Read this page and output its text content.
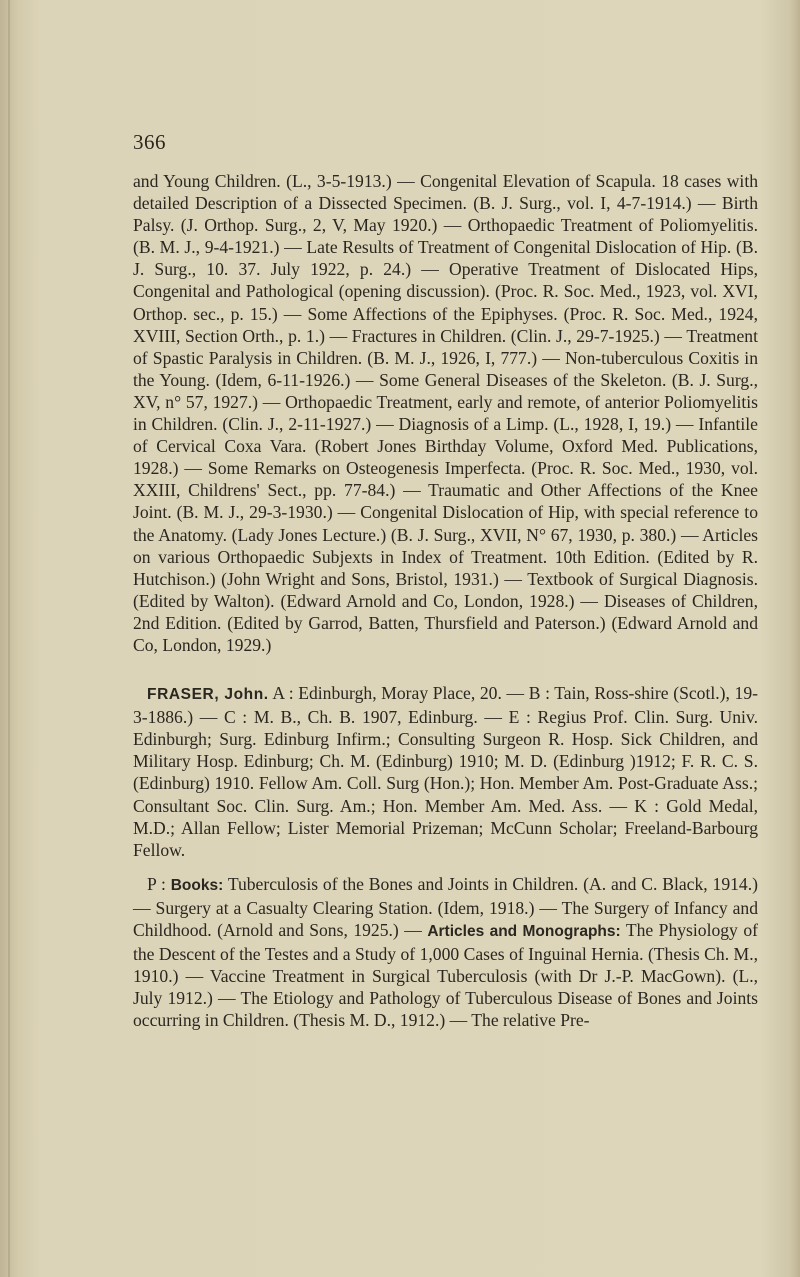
366

and Young Children. (L., 3-5-1913.) — Congenital Elevation of Scapula. 18 cases with detailed Description of a Dissected Specimen. (B. J. Surg., vol. I, 4-7-1914.) — Birth Palsy. (J. Orthop. Surg., 2, V, May 1920.) — Orthopaedic Treatment of Poliomyelitis. (B. M. J., 9-4-1921.) — Late Results of Treatment of Congenital Dislocation of Hip. (B. J. Surg., 10. 37. July 1922, p. 24.) — Operative Treatment of Dislocated Hips, Congenital and Pathological (opening discussion). (Proc. R. Soc. Med., 1923, vol. XVI, Orthop. sec., p. 15.) — Some Affections of the Epiphyses. (Proc. R. Soc. Med., 1924, XVIII, Section Orth., p. 1.) — Fractures in Children. (Clin. J., 29-7-1925.) — Treatment of Spastic Paralysis in Children. (B. M. J., 1926, I, 777.) — Non-tuberculous Coxitis in the Young. (Idem, 6-11-1926.) — Some General Diseases of the Skeleton. (B. J. Surg., XV, n° 57, 1927.) — Orthopaedic Treatment, early and remote, of anterior Poliomyelitis in Children. (Clin. J., 2-11-1927.) — Diagnosis of a Limp. (L., 1928, I, 19.) — Infantile of Cervical Coxa Vara. (Robert Jones Birthday Volume, Oxford Med. Publications, 1928.) — Some Remarks on Osteogenesis Imperfecta. (Proc. R. Soc. Med., 1930, vol. XXIII, Childrens' Sect., pp. 77-84.) — Traumatic and Other Affections of the Knee Joint. (B. M. J., 29-3-1930.) — Congenital Dislocation of Hip, with special reference to the Anatomy. (Lady Jones Lecture.) (B. J. Surg., XVII, N° 67, 1930, p. 380.) — Articles on various Orthopaedic Subjexts in Index of Treatment. 10th Edition. (Edited by R. Hutchison.) (John Wright and Sons, Bristol, 1931.) — Textbook of Surgical Diagnosis. (Edited by Walton). (Edward Arnold and Co, London, 1928.) — Diseases of Children, 2nd Edition. (Edited by Garrod, Batten, Thursfield and Paterson.) (Edward Arnold and Co, London, 1929.)

FRASER, John. A : Edinburgh, Moray Place, 20. — B : Tain, Ross-shire (Scotl.), 19-3-1886.) — C : M. B., Ch. B. 1907, Edinburg. — E : Regius Prof. Clin. Surg. Univ. Edinburgh; Surg. Edinburg Infirm.; Consulting Surgeon R. Hosp. Sick Children, and Military Hosp. Edinburg; Ch. M. (Edinburg) 1910; M. D. (Edinburg )1912; F. R. C. S. (Edinburg) 1910. Fellow Am. Coll. Surg (Hon.); Hon. Member Am. Post-Graduate Ass.; Consultant Soc. Clin. Surg. Am.; Hon. Member Am. Med. Ass. — K : Gold Medal, M.D.; Allan Fellow; Lister Memorial Prizeman; McCunn Scholar; Freeland-Barbourg Fellow.

P : Books: Tuberculosis of the Bones and Joints in Children. (A. and C. Black, 1914.) — Surgery at a Casualty Clearing Station. (Idem, 1918.) — The Surgery of Infancy and Childhood. (Arnold and Sons, 1925.) — Articles and Monographs: The Physiology of the Descent of the Testes and a Study of 1,000 Cases of Inguinal Hernia. (Thesis Ch. M., 1910.) — Vaccine Treatment in Surgical Tuberculosis (with Dr J.-P. MacGown). (L., July 1912.) — The Etiology and Pathology of Tuberculous Disease of Bones and Joints occurring in Children. (Thesis M. D., 1912.) — The relative Pre-
